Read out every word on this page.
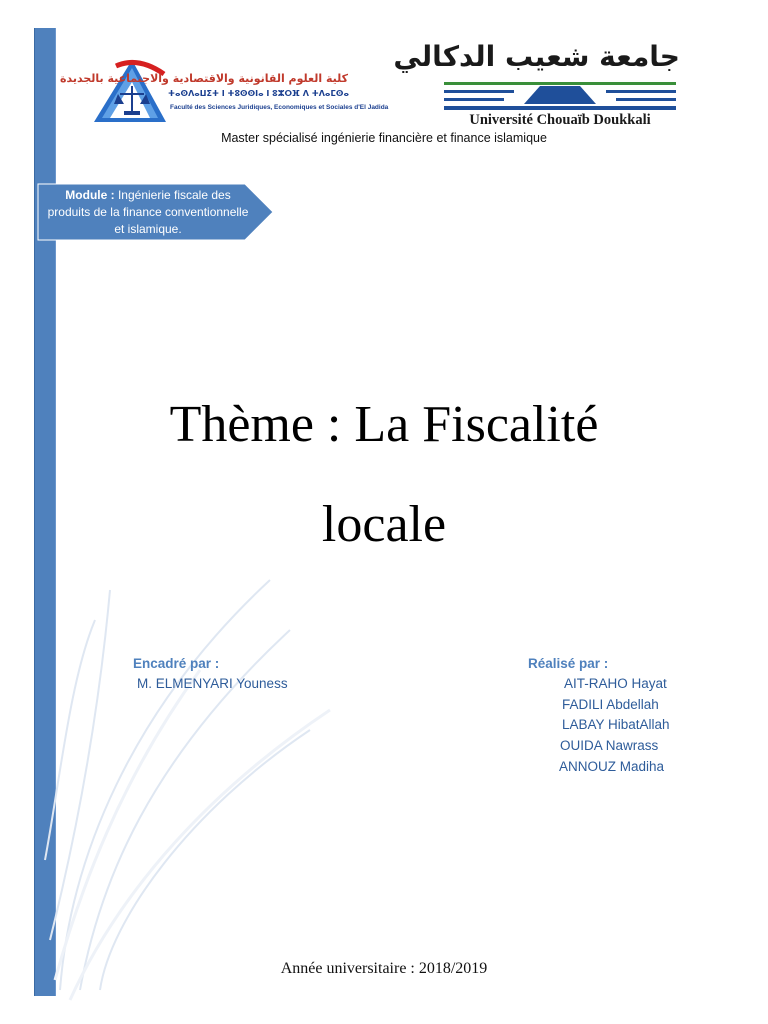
كلية العلوم القانونية والاقتصادية والاجتماعية بالجديدة
ⵜⴰⵙⴷⴰⵡⵉⵜ ⵏ ⵜⵓⵙⵙⵏⴰ ⵏ ⵓⵣⵔⴼ ⴷ ⵜⴷⴰⵎⵙⴰ
Faculté des Sciences Juridiques, Economiques et Sociales d'El Jadida
جامعة شعيب الدكالي
Université Chouaïb Doukkali
Master spécialisé ingénierie financière et finance islamique
Module : Ingénierie fiscale des produits de la finance conventionnelle et islamique.
Thème : La Fiscalité
locale
Encadré par :
M. ELMENYARI Youness
Réalisé par :
AIT-RAHO Hayat
FADILI Abdellah
LABAY HibatAllah
OUIDA Nawrass
ANNOUZ Madiha
Année universitaire : 2018/2019
